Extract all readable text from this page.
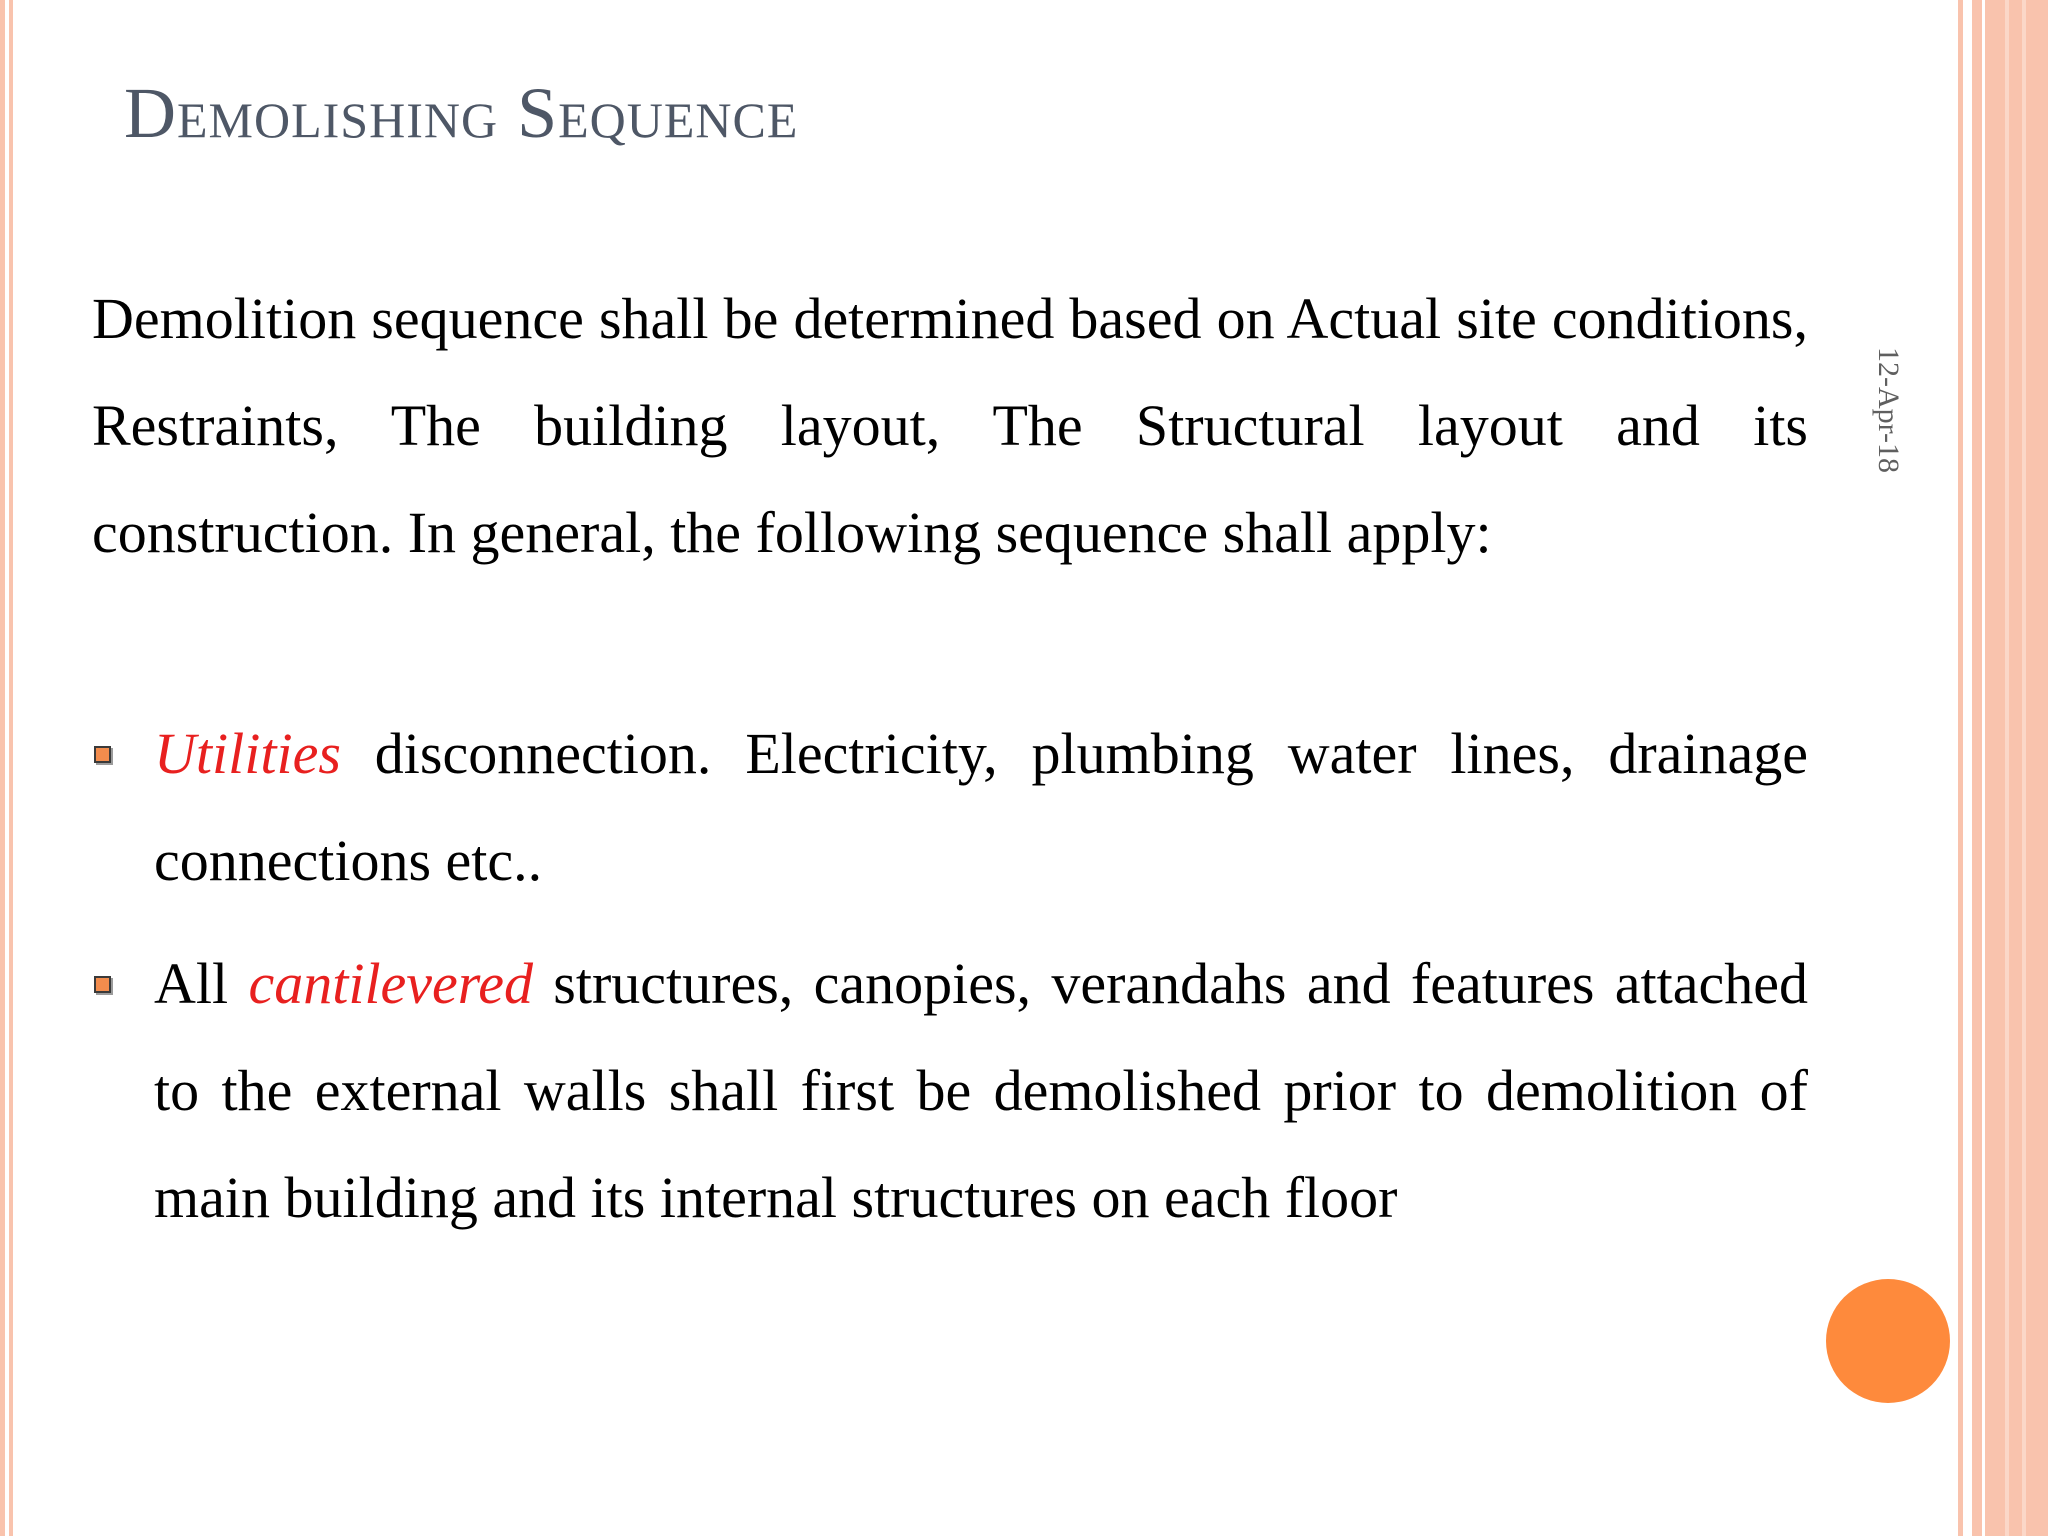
Demolishing Sequence
12-Apr-18
Demolition sequence shall be determined based on Actual site conditions, Restraints, The building layout, The Structural layout and its construction. In general, the following sequence shall apply:
Utilities disconnection. Electricity, plumbing water lines, drainage connections etc..
All cantilevered structures, canopies, verandahs and features attached to the external walls shall first be demolished prior to demolition of main building and its internal structures on each floor
